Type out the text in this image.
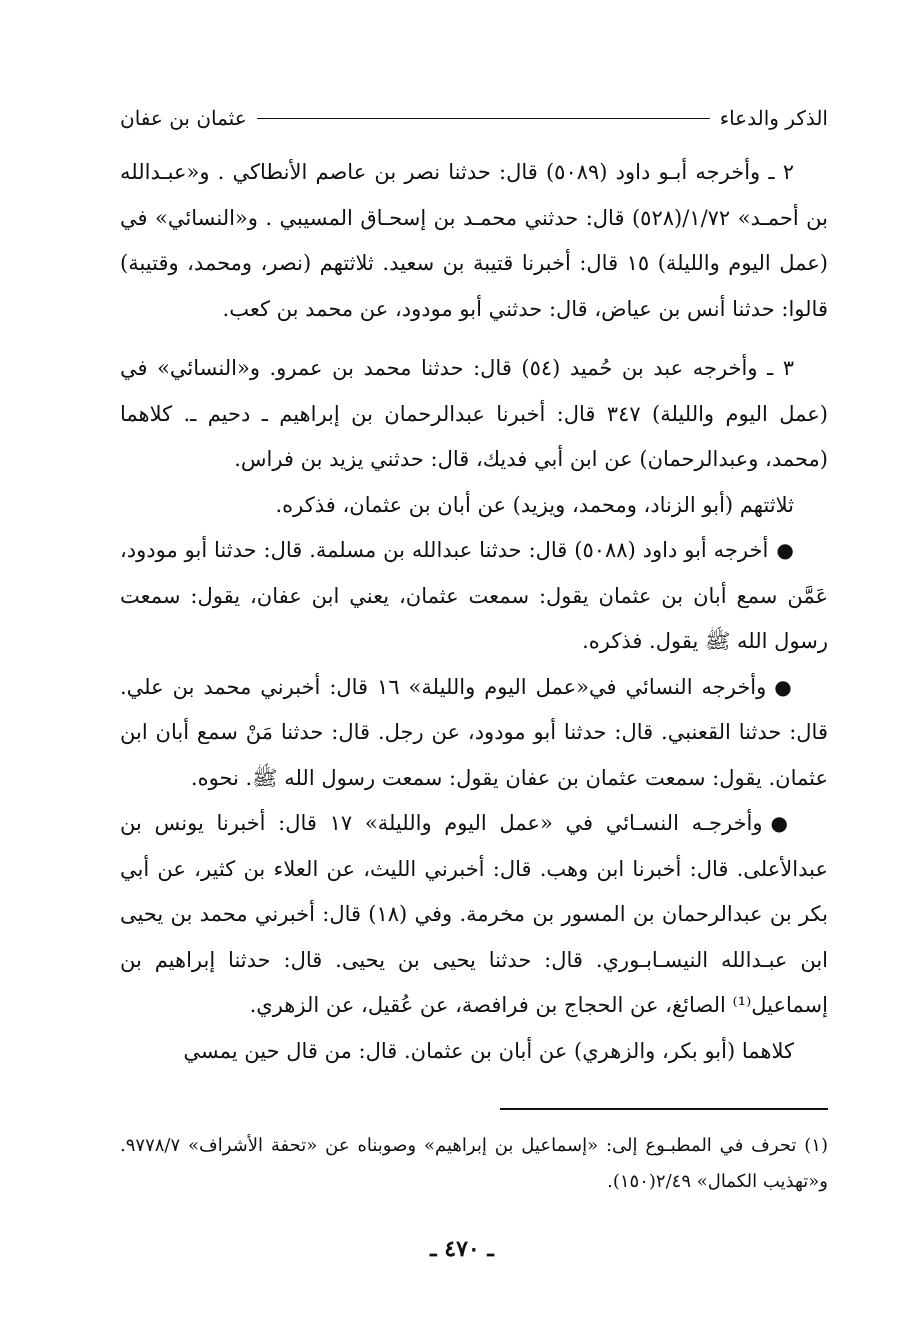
الذكر والدعاء
عثمان بن عفان

٢ ـ وأخرجه أبـو داود (٥٠٨٩) قال: حدثنا نصر بن عاصم الأنطاكي . و«عبـدالله بن أحمـد» ١/٧٢/(٥٢٨) قال: حدثني محمـد بن إسحـاق المسيبي . و«النسائي» في (عمل اليوم والليلة) ١٥ قال: أخبرنا قتيبة بن سعيد. ثلاثتهم (نصر، ومحمد، وقتيبة) قالوا: حدثنا أنس بن عياض، قال: حدثني أبو مودود، عن محمد بن كعب.

٣ ـ وأخرجه عبد بن حُميد (٥٤) قال: حدثنا محمد بن عمرو. و«النسائي» في (عمل اليوم والليلة) ٣٤٧ قال: أخبرنا عبدالرحمان بن إبراهيم ـ دحيم ـ. كلاهما (محمد، وعبدالرحمان) عن ابن أبي فديك، قال: حدثني يزيد بن فراس.

ثلاثتهم (أبو الزناد، ومحمد، ويزيد) عن أبان بن عثمان، فذكره.

●أخرجه أبو داود (٥٠٨٨) قال: حدثنا عبدالله بن مسلمة. قال: حدثنا أبو مودود، عَمَّن سمع أبان بن عثمان يقول: سمعت عثمان، يعني ابن عفان، يقول: سمعت رسول الله ﷺ يقول. فذكره.

●وأخرجه النسائي في«عمل اليوم والليلة» ١٦ قال: أخبرني محمد بن علي. قال: حدثنا القعنبي. قال: حدثنا أبو مودود، عن رجل. قال: حدثنا مَنْ سمع أبان ابن عثمان. يقول: سمعت عثمان بن عفان يقول: سمعت رسول الله ﷺ. نحوه.

●وأخرجـه النسـائي في «عمل اليوم والليلة» ١٧ قال: أخبرنا يونس بن عبدالأعلى. قال: أخبرنا ابن وهب. قال: أخبرني الليث، عن العلاء بن كثير، عن أبي بكر بن عبدالرحمان بن المسور بن مخرمة. وفي (١٨) قال: أخبرني محمد بن يحيى ابن عبـدالله النيسـابـوري. قال: حدثنا يحيى بن يحيى. قال: حدثنا إبراهيم بن إسماعيل⁽¹⁾ الصائغ، عن الحجاج بن فرافصة، عن عُقيل، عن الزهري.

كلاهما (أبو بكر، والزهري) عن أبان بن عثمان. قال: من قال حين يمسي

(١) تحرف في المطبـوع إلى: «إسماعيل بن إبراهيم» وصوبناه عن «تحفة الأشراف» ٩٧٧٨/٧. و«تهذيب الكمال» ٢/٤٩(١٥٠).

ـ ٤٧٠ ـ
